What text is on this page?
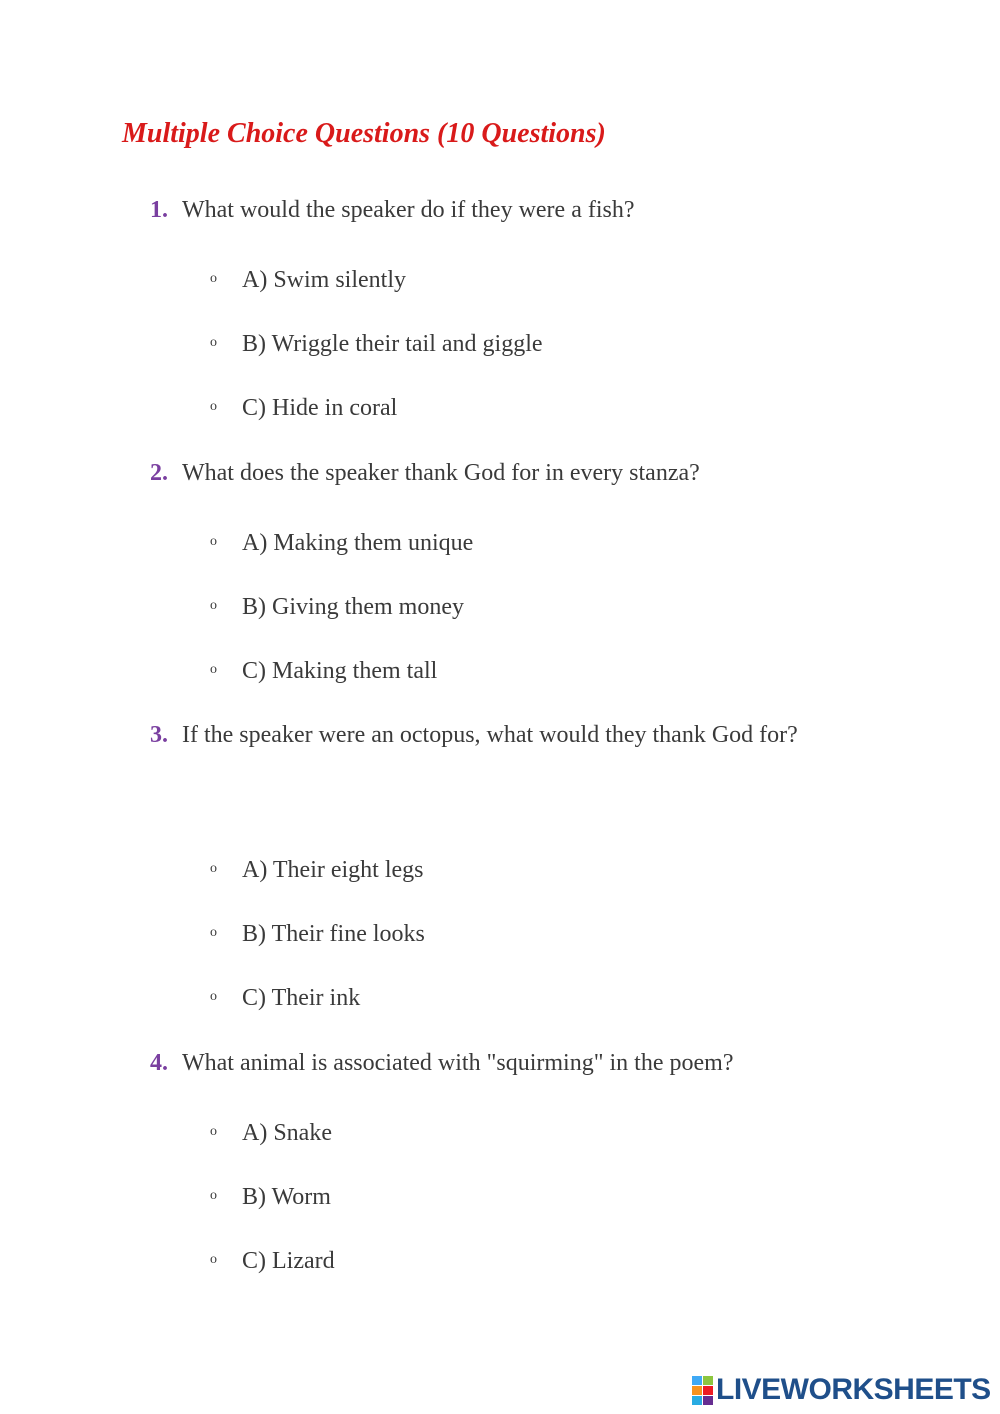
Multiple Choice Questions (10 Questions)
1. What would the speaker do if they were a fish?
o A) Swim silently
o B) Wriggle their tail and giggle
o C) Hide in coral
2. What does the speaker thank God for in every stanza?
o A) Making them unique
o B) Giving them money
o C) Making them tall
3. If the speaker were an octopus, what would they thank God for?
o A) Their eight legs
o B) Their fine looks
o C) Their ink
4. What animal is associated with "squirming" in the poem?
o A) Snake
o B) Worm
o C) Lizard
LIVEWORKSHEETS
